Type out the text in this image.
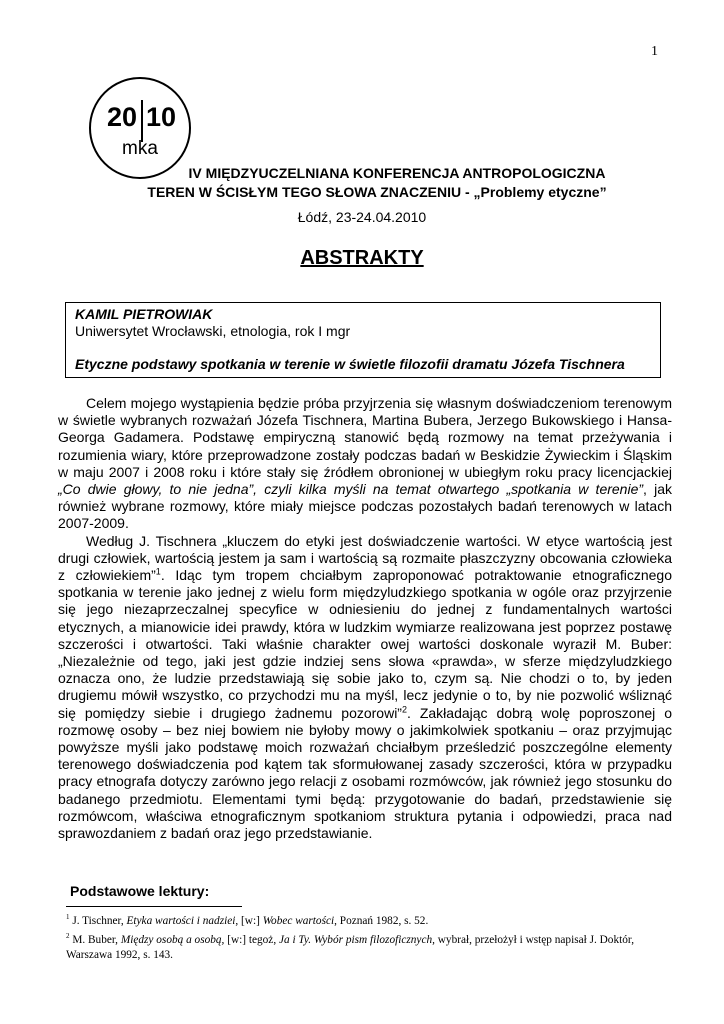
1
20 10
mka
IV MIĘDZYUCZELNIANA KONFERENCJA ANTROPOLOGICZNA
TEREN W ŚCISŁYM TEGO SŁOWA ZNACZENIU - „Problemy etyczne”
Łódź, 23-24.04.2010
ABSTRAKTY
KAMIL PIETROWIAK
Uniwersytet Wrocławski, etnologia, rok I mgr
Etyczne podstawy spotkania w terenie w świetle filozofii dramatu Józefa Tischnera

Celem mojego wystąpienia będzie próba przyjrzenia się własnym doświadczeniom terenowym w świetle wybranych rozważań Józefa Tischnera, Martina Bubera, Jerzego Bukowskiego i Hansa-Georga Gadamera. Podstawę empiryczną stanowić będą rozmowy na temat przeżywania i rozumienia wiary, które przeprowadzone zostały podczas badań w Beskidzie Żywieckim i Śląskim w maju 2007 i 2008 roku i które stały się źródłem obronionej w ubiegłym roku pracy licencjackiej „Co dwie głowy, to nie jedna”, czyli kilka myśli na temat otwartego „spotkania w terenie”, jak również wybrane rozmowy, które miały miejsce podczas pozostałych badań terenowych w latach 2007-2009.

Według J. Tischnera „kluczem do etyki jest doświadczenie wartości. W etyce wartością jest drugi człowiek, wartością jestem ja sam i wartością są rozmaite płaszczyzny obcowania człowieka z człowiekiem”$^1$. Idąc tym tropem chciałbym zaproponować potraktowanie etnograficznego spotkania w terenie jako jednej z wielu form międzyludzkiego spotkania w ogóle oraz przyjrzenie się jego niezaprzeczalnej specyfice w odniesieniu do jednej z fundamentalnych wartości etycznych, a mianowicie idei prawdy, która w ludzkim wymiarze realizowana jest poprzez postawę szczerości i otwartości. Taki właśnie charakter owej wartości doskonale wyraził M. Buber: „Niezależnie od tego, jaki jest gdzie indziej sens słowa «prawda», w sferze międzyludzkiego oznacza ono, że ludzie przedstawiają się sobie jako to, czym są. Nie chodzi o to, by jeden drugiemu mówił wszystko, co przychodzi mu na myśl, lecz jedynie o to, by nie pozwolić wśliznąć się pomiędzy siebie i drugiego żadnemu pozorowi”$^2$. Zakładając dobrą wolę poproszonej o rozmowę osoby – bez niej bowiem nie byłoby mowy o jakimkolwiek spotkaniu – oraz przyjmując powyższe myśli jako podstawę moich rozważań chciałbym prześledzić poszczególne elementy terenowego doświadczenia pod kątem tak sformułowanej zasady szczerości, która w przypadku pracy etnografa dotyczy zarówno jego relacji z osobami rozmówców, jak również jego stosunku do badanego przedmiotu. Elementami tymi będą: przygotowanie do badań, przedstawienie się rozmówcom, właściwa etnograficznym spotkaniom struktura pytania i odpowiedzi, praca nad sprawozdaniem z badań oraz jego przedstawianie.

Podstawowe lektury:

$^1$ J. Tischner, Etyka wartości i nadziei, [w:] Wobec wartości, Poznań 1982, s. 52.

$^2$ M. Buber, Między osobą a osobą, [w:] tegoż, Ja i Ty. Wybór pism filozoficznych, wybrał, przełożył i wstęp napisał J. Doktór, Warszawa 1992, s. 143.
